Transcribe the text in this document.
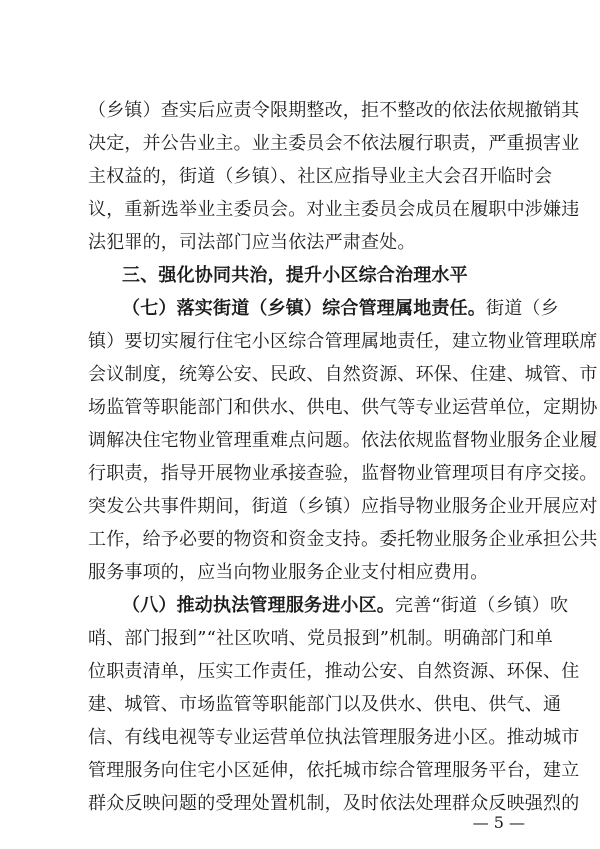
（乡镇）查实后应责令限期整改，拒不整改的依法依规撤销其
决定，并公告业主。业主委员会不依法履行职责，严重损害业
主权益的，街道（乡镇）、社区应指导业主大会召开临时会
议，重新选举业主委员会。对业主委员会成员在履职中涉嫌违
法犯罪的，司法部门应当依法严肃查处。
三、强化协同共治，提升小区综合治理水平
（七）落实街道（乡镇）综合管理属地责任。街道（乡
镇）要切实履行住宅小区综合管理属地责任，建立物业管理联席
会议制度，统筹公安、民政、自然资源、环保、住建、城管、市
场监管等职能部门和供水、供电、供气等专业运营单位，定期协
调解决住宅物业管理重难点问题。依法依规监督物业服务企业履
行职责，指导开展物业承接查验，监督物业管理项目有序交接。
突发公共事件期间，街道（乡镇）应指导物业服务企业开展应对
工作，给予必要的物资和资金支持。委托物业服务企业承担公共
服务事项的，应当向物业服务企业支付相应费用。
（八）推动执法管理服务进小区。完善“街道（乡镇）吹
哨、部门报到”“社区吹哨、党员报到”机制。明确部门和单
位职责清单，压实工作责任，推动公安、自然资源、环保、住
建、城管、市场监管等职能部门以及供水、供电、供气、通
信、有线电视等专业运营单位执法管理服务进小区。推动城市
管理服务向住宅小区延伸，依托城市综合管理服务平台，建立
群众反映问题的受理处置机制，及时依法处理群众反映强烈的
— 5 —
